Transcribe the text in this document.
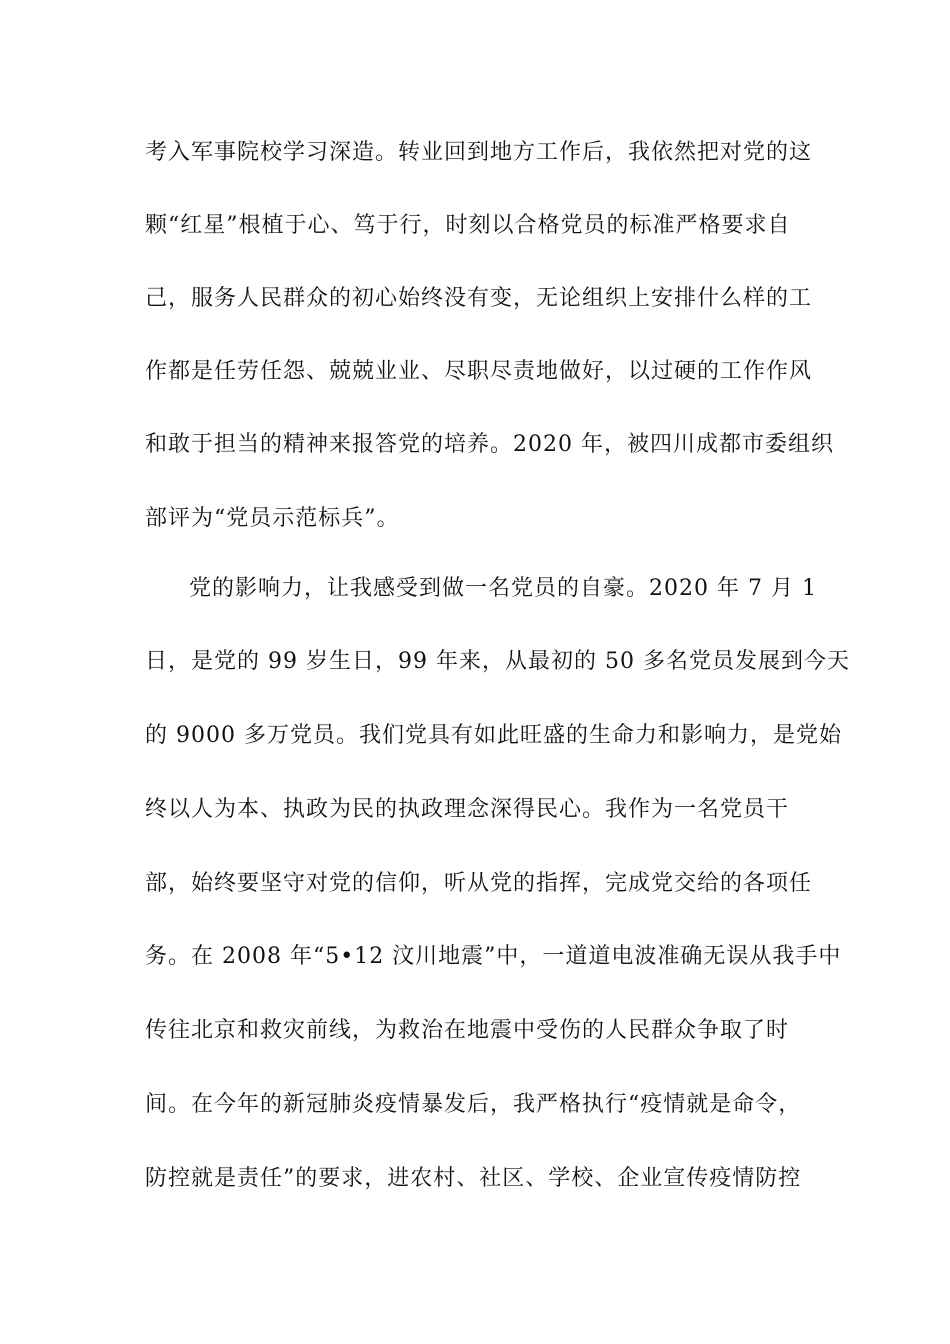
考入军事院校学习深造。转业回到地方工作后，我依然把对党的这
颗“红星”根植于心、笃于行，时刻以合格党员的标准严格要求自
己，服务人民群众的初心始终没有变，无论组织上安排什么样的工
作都是任劳任怨、兢兢业业、尽职尽责地做好，以过硬的工作作风
和敢于担当的精神来报答党的培养。2020 年，被四川成都市委组织
部评为“党员示范标兵”。
党的影响力，让我感受到做一名党员的自豪。2020 年 7 月 1
日，是党的 99 岁生日，99 年来，从最初的 50 多名党员发展到今天
的 9000 多万党员。我们党具有如此旺盛的生命力和影响力，是党始
终以人为本、执政为民的执政理念深得民心。我作为一名党员干
部，始终要坚守对党的信仰，听从党的指挥，完成党交给的各项任
务。在 2008 年“5•12 汶川地震”中，一道道电波准确无误从我手中
传往北京和救灾前线，为救治在地震中受伤的人民群众争取了时
间。在今年的新冠肺炎疫情暴发后，我严格执行“疫情就是命令，
防控就是责任”的要求，进农村、社区、学校、企业宣传疫情防控
